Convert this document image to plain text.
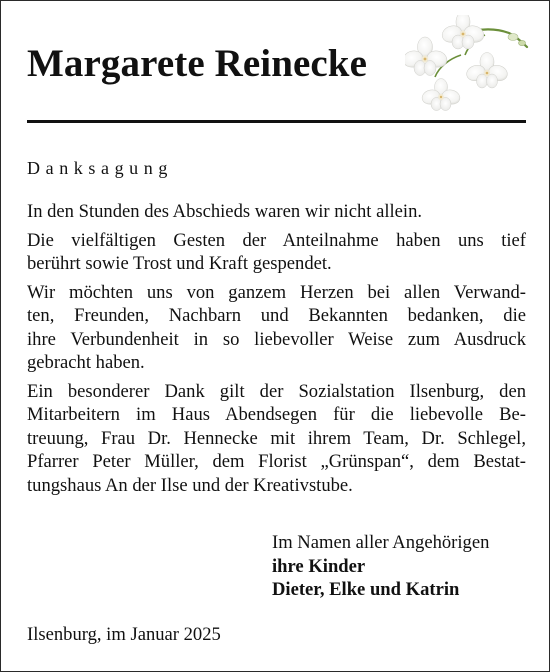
Margarete Reinecke
Danksagung
In den Stunden des Abschieds waren wir nicht allein.
Die vielfältigen Gesten der Anteilnahme haben uns tief
berührt sowie Trost und Kraft gespendet.
Wir möchten uns von ganzem Herzen bei allen Verwand-
ten, Freunden, Nachbarn und Bekannten bedanken, die
ihre Verbundenheit in so liebevoller Weise zum Ausdruck
gebracht haben.
Ein besonderer Dank gilt der Sozialstation Ilsenburg, den
Mitarbeitern im Haus Abendsegen für die liebevolle Be-
treuung, Frau Dr. Hennecke mit ihrem Team, Dr. Schlegel,
Pfarrer Peter Müller, dem Florist „Grünspan“, dem Bestat-
tungshaus An der Ilse und der Kreativstube.
Im Namen aller Angehörigen
ihre Kinder
Dieter, Elke und Katrin
Ilsenburg, im Januar 2025
